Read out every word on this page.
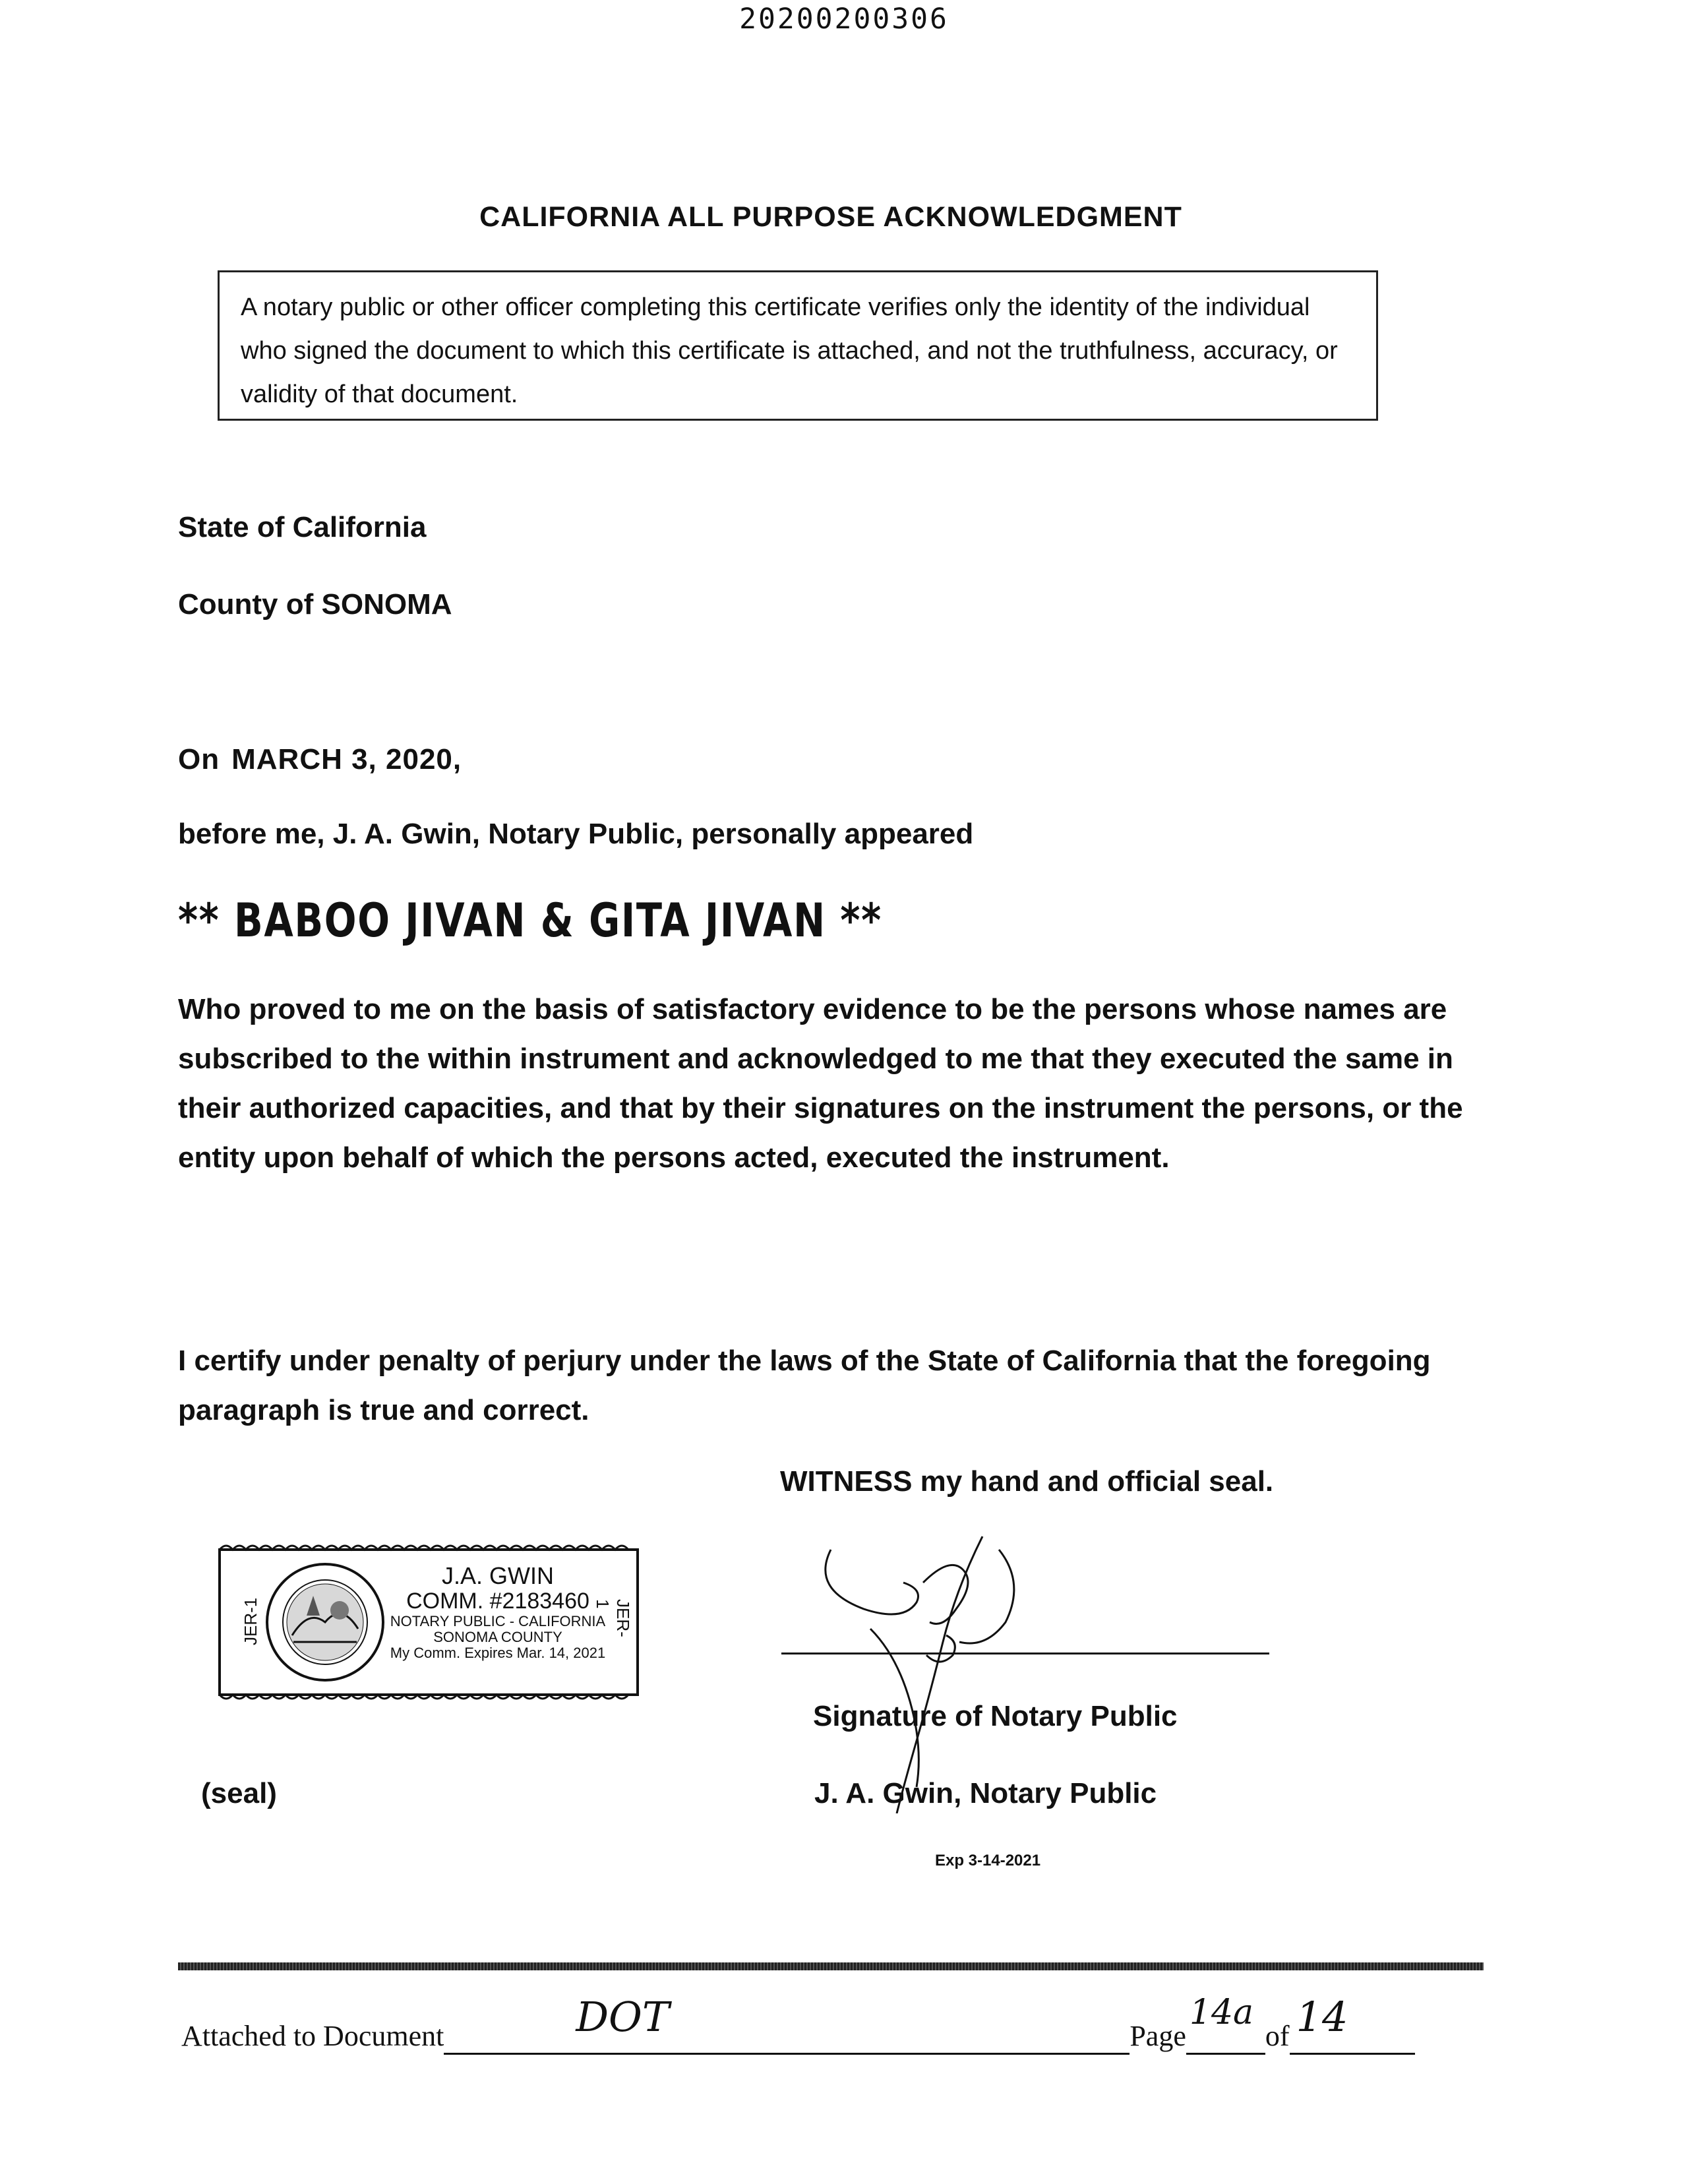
20200200306
CALIFORNIA ALL PURPOSE ACKNOWLEDGMENT
A notary public or other officer completing this certificate verifies only the identity of the individual who signed the document to which this certificate is attached, and not the truthfulness, accuracy, or validity of that document.
State of California
County of SONOMA
On MARCH 3, 2020,
before me, J. A. Gwin, Notary Public, personally appeared
** BABOO JIVAN & GITA JIVAN **
Who proved to me on the basis of satisfactory evidence to be the persons whose names are subscribed to the within instrument and acknowledged to me that they executed the same in their authorized capacities, and that by their signatures on the instrument the persons, or the entity upon behalf of which the persons acted, executed the instrument.
I certify under penalty of perjury under the laws of the State of California that the foregoing paragraph is true and correct.
WITNESS my hand and official seal.
JER-1	JER-1
J.A. GWIN
COMM. #2183460
NOTARY PUBLIC - CALIFORNIA
SONOMA COUNTY
My Comm. Expires Mar. 14, 2021
(seal)
Signature of Notary Public
J. A. Gwin, Notary Public
Exp 3-14-2021
Attached to Document	DOT	Page
14a
of 14
